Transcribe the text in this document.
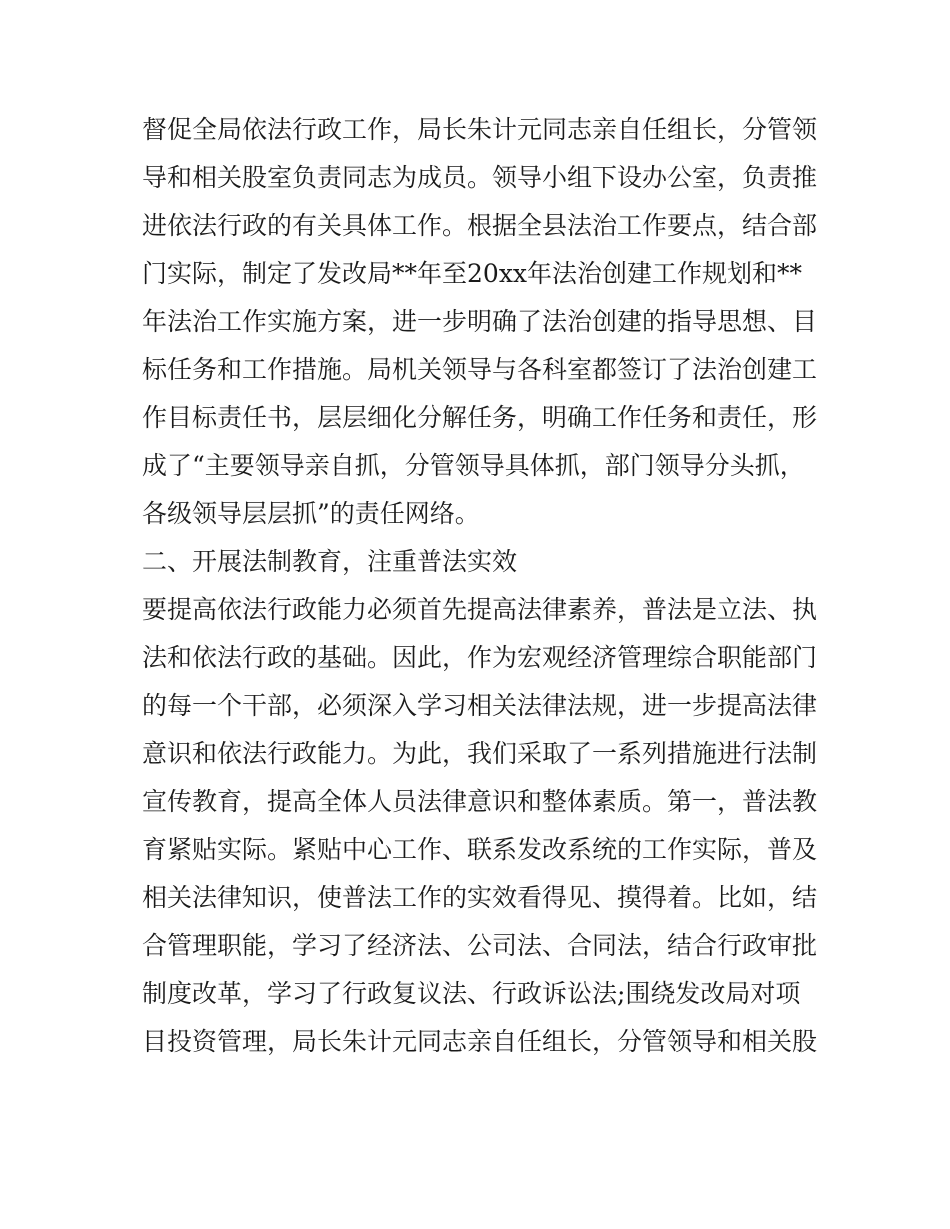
督促全局依法行政工作，局长朱计元同志亲自任组长，分管领
导和相关股室负责同志为成员。领导小组下设办公室，负责推
进依法行政的有关具体工作。根据全县法治工作要点，结合部
门实际，制定了发改局**年至20xx年法治创建工作规划和**
年法治工作实施方案，进一步明确了法治创建的指导思想、目
标任务和工作措施。局机关领导与各科室都签订了法治创建工
作目标责任书，层层细化分解任务，明确工作任务和责任，形
成了“主要领导亲自抓，分管领导具体抓，部门领导分头抓，
各级领导层层抓”的责任网络。
二、开展法制教育，注重普法实效
要提高依法行政能力必须首先提高法律素养，普法是立法、执
法和依法行政的基础。因此，作为宏观经济管理综合职能部门
的每一个干部，必须深入学习相关法律法规，进一步提高法律
意识和依法行政能力。为此，我们采取了一系列措施进行法制
宣传教育，提高全体人员法律意识和整体素质。第一，普法教
育紧贴实际。紧贴中心工作、联系发改系统的工作实际，普及
相关法律知识，使普法工作的实效看得见、摸得着。比如，结
合管理职能，学习了经济法、公司法、合同法，结合行政审批
制度改革，学习了行政复议法、行政诉讼法;围绕发改局对项
目投资管理，局长朱计元同志亲自任组长，分管领导和相关股
